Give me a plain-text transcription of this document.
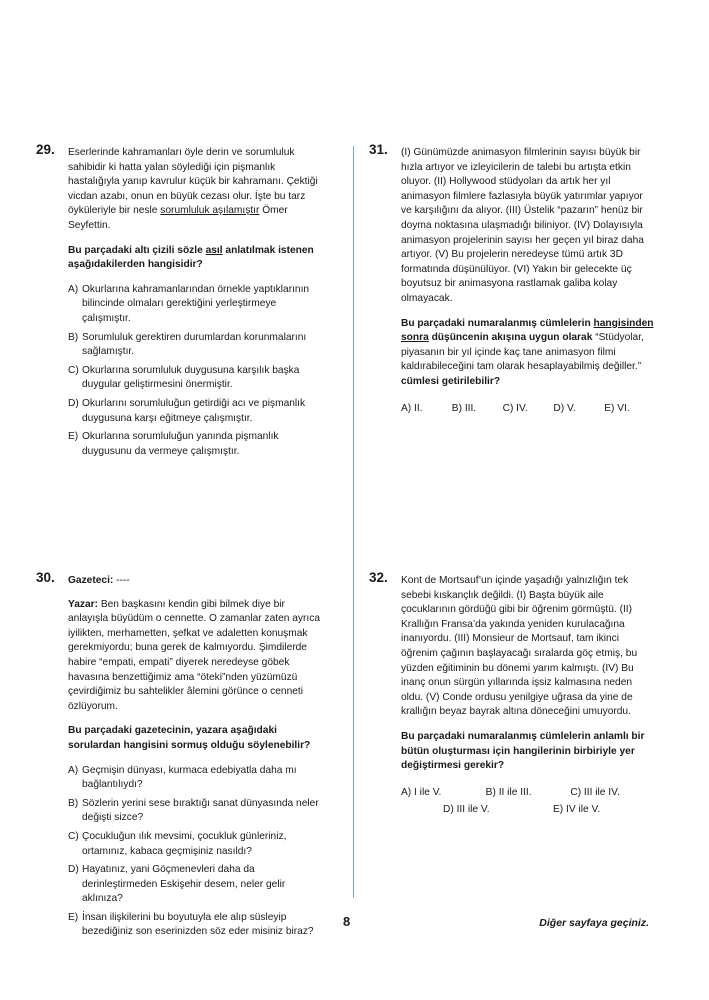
29. Eserlerinde kahramanları öyle derin ve sorumluluk sahibidir ki hatta yalan söylediği için pişmanlık hastalığıyla yanıp kavrulur küçük bir kahramanı. Çektiği vicdan azabı, onun en büyük cezası olur. İşte bu tarz öyküleriyle bir nesle sorumluluk aşılamıştır Ömer Seyfettin.

Bu parçadaki altı çizili sözle asıl anlatılmak istenen aşağıdakilerden hangisidir?

A) Okurlarına kahramanlarından örnekle yaptıklarının bilincinde olmaları gerektiğini yerleştirmeye çalışmıştır.
B) Sorumluluk gerektiren durumlardan korunmalarını sağlamıştır.
C) Okurlarına sorumluluk duygusuna karşılık başka duygular geliştirmesini önermiştir.
D) Okurlarını sorumluluğun getirdiği acı ve pişmanlık duygusuna karşı eğitmeye çalışmıştır.
E) Okurlarına sorumluluğun yanında pişmanlık duygusunu da vermeye çalışmıştır.
31. (I) Günümüzde animasyon filmlerinin sayısı büyük bir hızla artıyor ve izleyicilerin de talebi bu artışta etkin oluyor. (II) Hollywood stüdyoları da artık her yıl animasyon filmlere fazlasıyla büyük yatırımlar yapıyor ve karşılığını da alıyor. (III) Üstelik “pazarın” henüz bir doyma noktasına ulaşmadığı biliniyor. (IV) Dolayısıyla animasyon projelerinin sayısı her geçen yıl biraz daha artıyor. (V) Bu projelerin neredeyse tümü artık 3D formatında düşünülüyor. (VI) Yakın bir gelecekte üç boyutsuz bir animasyona rastlamak galiba kolay olmayacak.

Bu parçadaki numaralanmış cümlelerin hangisinden sonra düşüncenin akışına uygun olarak “Stüdyolar, piyasanın bir yıl içinde kaç tane animasyon filmi kaldırabileceğini tam olarak hesaplayabilmiş değiller.” cümlesi getirilebilir?

A) II.	B) III.	C) IV.	D) V.	E) VI.
30. Gazeteci: ----

Yazar: Ben başkasını kendin gibi bilmek diye bir anlayışla büyüdüm o cennette. O zamanlar zaten ayrıca iyilikten, merhametten, şefkat ve adaletten konuşmak gerekmiyordu; buna gerek de kalmıyordu. Şimdilerde habire “empati, empati” diyerek neredeyse göbek havasına benzettiğimiz ama “öteki”nden yüzümüzü çevirdiğimiz bu sahtelikler âlemini görünce o cenneti özlüyorum.

Bu parçadaki gazetecinin, yazara aşağıdaki sorulardan hangisini sormuş olduğu söylenebilir?

A) Geçmişin dünyası, kurmaca edebiyatla daha mı bağlantılıydı?
B) Sözlerin yerini sese bıraktığı sanat dünyasında neler değişti sizce?
C) Çocukluğun ılık mevsimi, çocukluk günleriniz, ortamınız, kabaca geçmişiniz nasıldı?
D) Hayatınız, yani Göçmenevleri daha da derinleştirmeden Eskişehir desem, neler gelir aklınıza?
E) İnsan ilişkilerini bu boyutuyla ele alıp süsleyip bezediğiniz son eserinizden söz eder misiniz biraz?
32. Kont de Mortsauf’un içinde yaşadığı yalnızlığın tek sebebi kıskançlık değildi. (I) Başta büyük aile çocuklarının gördüğü gibi bir öğrenim görmüştü. (II) Krallığın Fransa’da yakında yeniden kurulacağına inanıyordu. (III) Monsieur de Mortsauf, tam ikinci öğrenim çağının başlayacağı sıralarda göç etmiş, bu yüzden eğitiminin bu dönemi yarım kalmıştı. (IV) Bu inanç onun sürgün yıllarında işsiz kalmasına neden oldu. (V) Conde ordusu yenilgiye uğrasa da yine de krallığın beyaz bayrak altına döneceğini umuyordu.

Bu parçadaki numaralanmış cümlelerin anlamlı bir bütün oluşturması için hangilerinin birbiriyle yer değiştirmesi gerekir?

A) I ile V.	B) II ile III.	C) III ile IV.
D) III ile V.	E) IV ile V.
8	Diğer sayfaya geçiniz.
